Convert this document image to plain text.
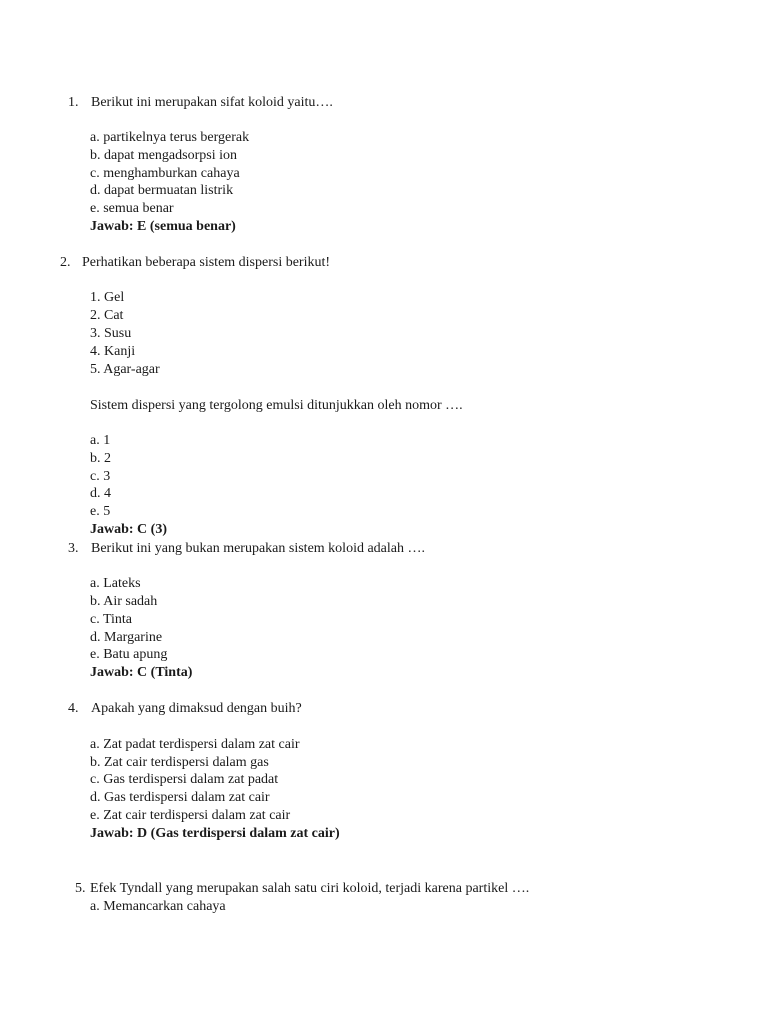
1. Berikut ini merupakan sifat koloid yaitu….
a. partikelnya terus bergerak
b. dapat mengadsorpsi ion
c. menghamburkan cahaya
d. dapat bermuatan listrik
e. semua benar
Jawab: E (semua benar)
2. Perhatikan beberapa sistem dispersi berikut!
1. Gel
2. Cat
3. Susu
4. Kanji
5. Agar-agar
Sistem dispersi yang tergolong emulsi ditunjukkan oleh nomor ….
a. 1
b. 2
c. 3
d. 4
e. 5
Jawab: C (3)
3. Berikut ini yang bukan merupakan sistem koloid adalah ….
a. Lateks
b. Air sadah
c. Tinta
d. Margarine
e. Batu apung
Jawab: C (Tinta)
4. Apakah yang dimaksud dengan buih?
a. Zat padat terdispersi dalam zat cair
b. Zat cair terdispersi dalam gas
c. Gas terdispersi dalam zat padat
d. Gas terdispersi dalam zat cair
e. Zat cair terdispersi dalam zat cair
Jawab: D (Gas terdispersi dalam zat cair)
5. Efek Tyndall yang merupakan salah satu ciri koloid, terjadi karena partikel ….
a. Memancarkan cahaya
